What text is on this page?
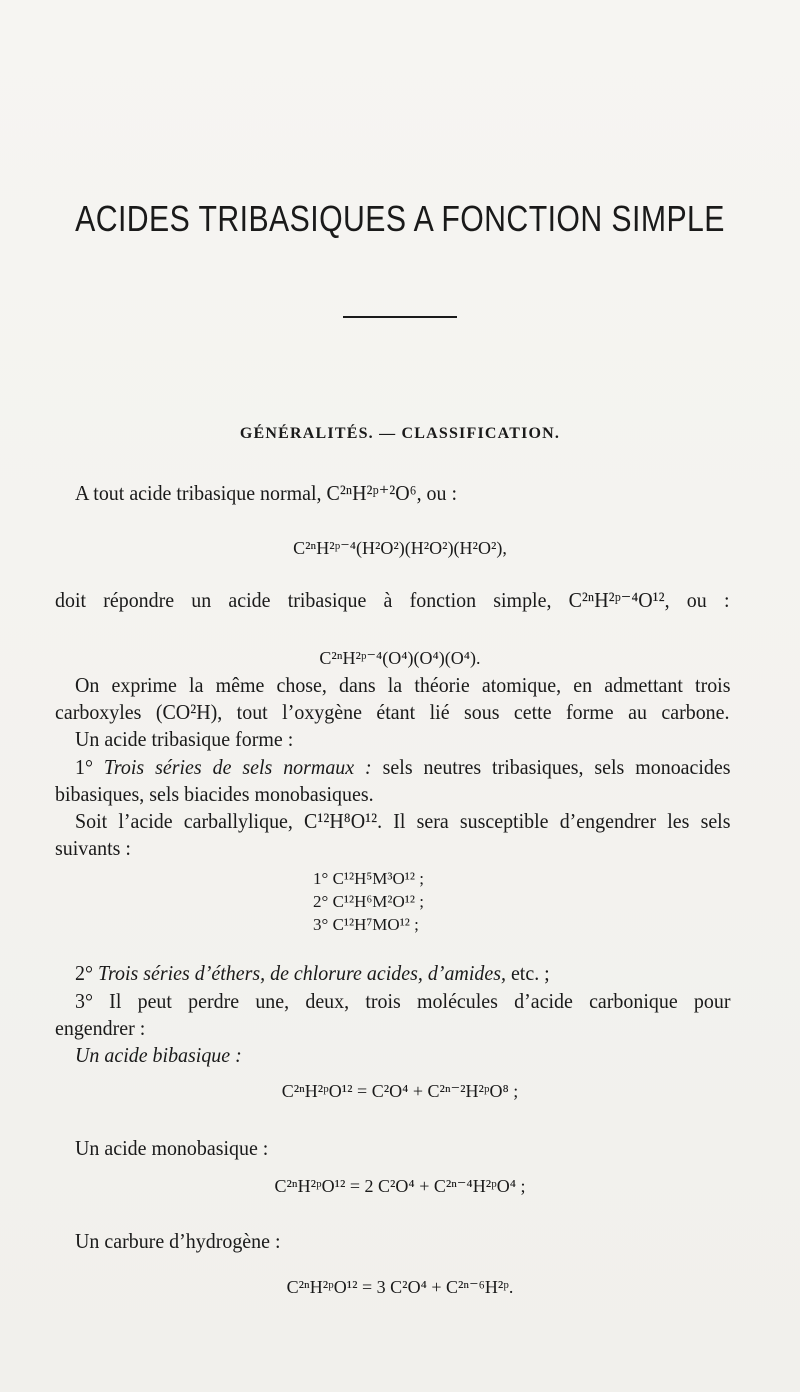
ACIDES TRIBASIQUES A FONCTION SIMPLE
GÉNÉRALITÉS. — CLASSIFICATION.
A tout acide tribasique normal, C²ⁿH²ᵖ⁺²O⁶, ou :
C²ⁿH²ᵖ⁻⁴(H²O²)(H²O²)(H²O²),
doit répondre un acide tribasique à fonction simple, C²ⁿH²ᵖ⁻⁴O¹², ou :
C²ⁿH²ᵖ⁻⁴(O⁴)(O⁴)(O⁴).
On exprime la même chose, dans la théorie atomique, en admettant trois
carboxyles (CO²H), tout l’oxygène étant lié sous cette forme au carbone.
Un acide tribasique forme :
1° Trois séries de sels normaux : sels neutres tribasiques, sels monoacides
bibasiques, sels biacides monobasiques.
Soit l’acide carballylique, C¹²H⁸O¹². Il sera susceptible d’engendrer les sels
suivants :
1° C¹²H⁵M³O¹² ;
2° C¹²H⁶M²O¹² ;
3° C¹²H⁷MO¹² ;
2° Trois séries d’éthers, de chlorure acides, d’amides, etc. ;
3° Il peut perdre une, deux, trois molécules d’acide carbonique pour
engendrer :
Un acide bibasique :
C²ⁿH²ᵖO¹² = C²O⁴ + C²ⁿ⁻²H²ᵖO⁸ ;
Un acide monobasique :
C²ⁿH²ᵖO¹² = 2 C²O⁴ + C²ⁿ⁻⁴H²ᵖO⁴ ;
Un carbure d’hydrogène :
C²ⁿH²ᵖO¹² = 3 C²O⁴ + C²ⁿ⁻⁶H²ᵖ.
